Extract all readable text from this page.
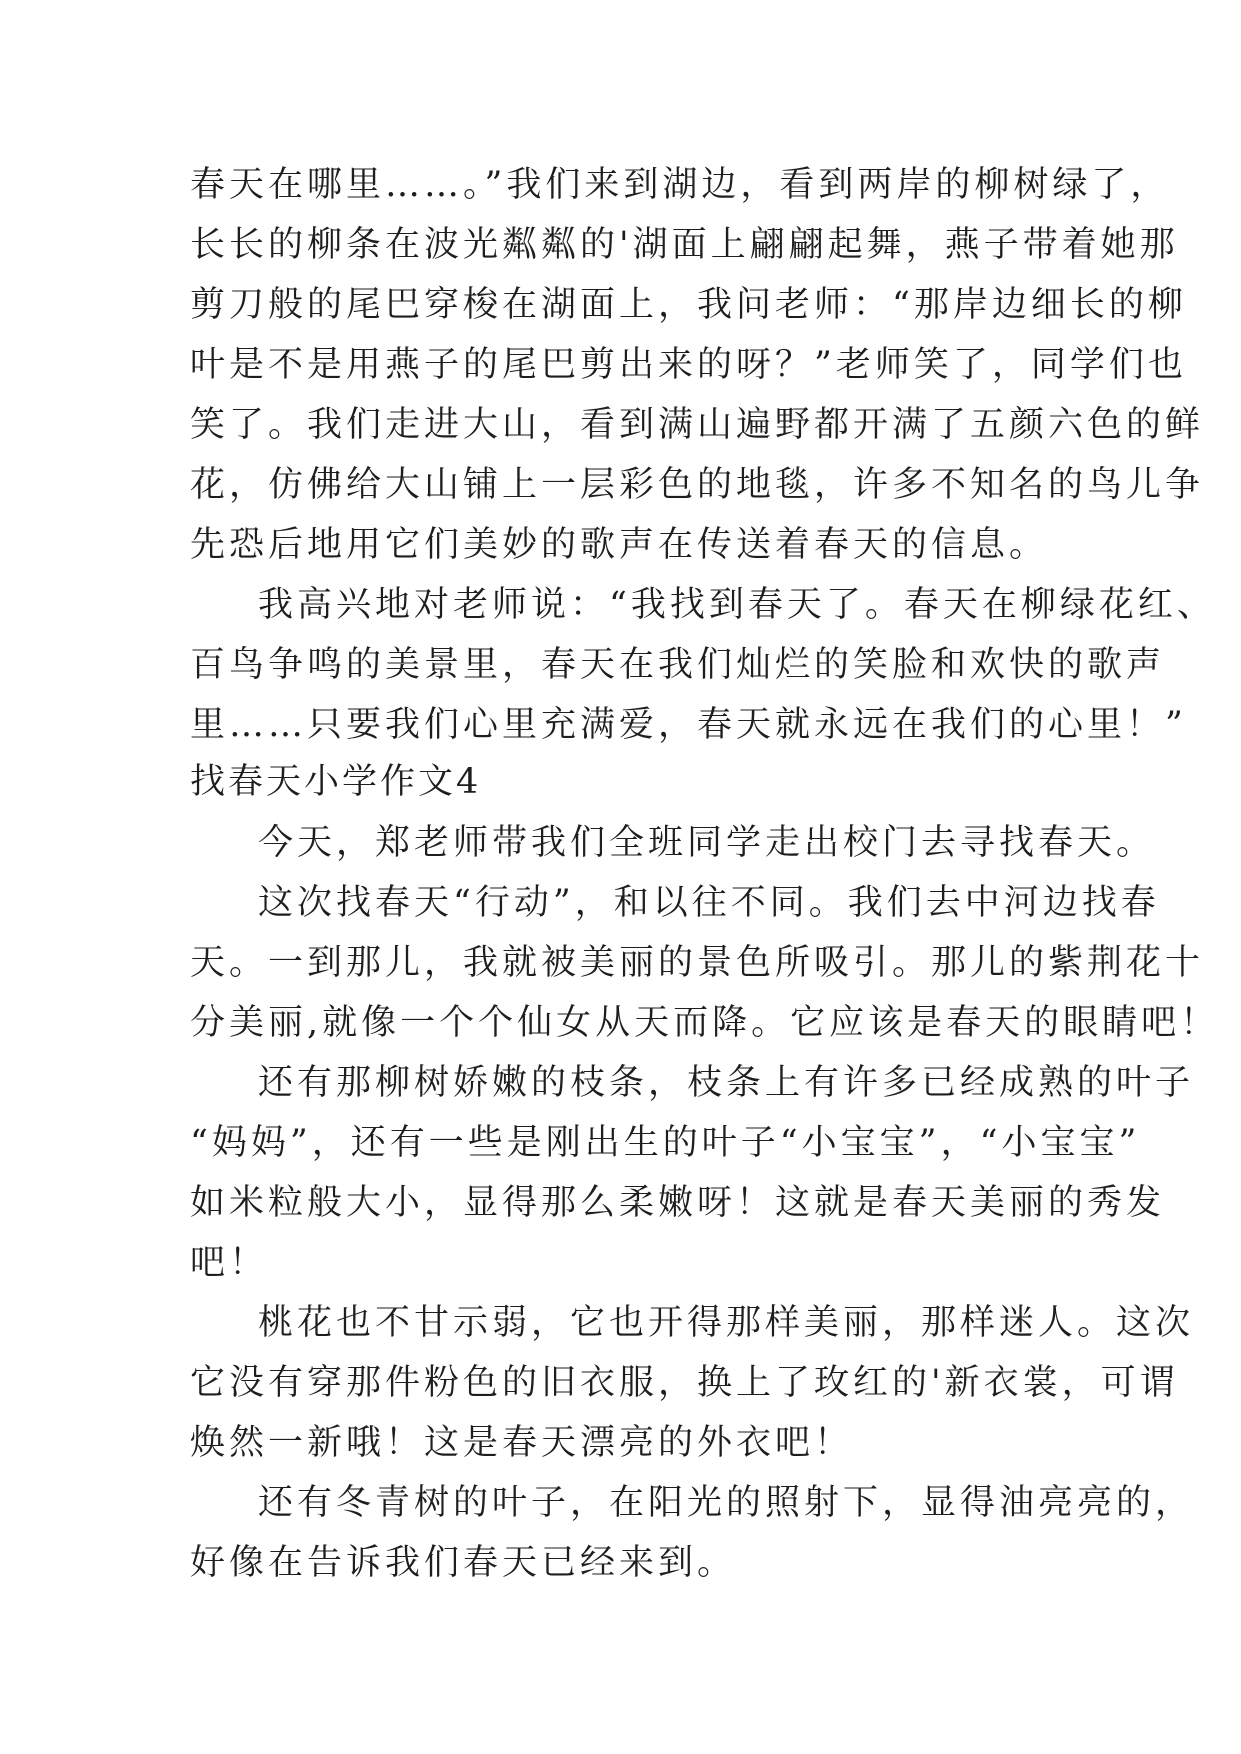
春天在哪里……。”我们来到湖边，看到两岸的柳树绿了，
长长的柳条在波光粼粼的'湖面上翩翩起舞，燕子带着她那
剪刀般的尾巴穿梭在湖面上，我问老师：“那岸边细长的柳
叶是不是用燕子的尾巴剪出来的呀？”老师笑了，同学们也
笑了。我们走进大山，看到满山遍野都开满了五颜六色的鲜
花，仿佛给大山铺上一层彩色的地毯，许多不知名的鸟儿争
先恐后地用它们美妙的歌声在传送着春天的信息。
我高兴地对老师说：“我找到春天了。春天在柳绿花红、
百鸟争鸣的美景里，春天在我们灿烂的笑脸和欢快的歌声
里……只要我们心里充满爱，春天就永远在我们的心里！”
找春天小学作文4
今天，郑老师带我们全班同学走出校门去寻找春天。
这次找春天“行动”，和以往不同。我们去中河边找春
天。一到那儿，我就被美丽的景色所吸引。那儿的紫荆花十
分美丽,就像一个个仙女从天而降。它应该是春天的眼睛吧！
还有那柳树娇嫩的枝条，枝条上有许多已经成熟的叶子
“妈妈”，还有一些是刚出生的叶子“小宝宝”，“小宝宝”
如米粒般大小，显得那么柔嫩呀！这就是春天美丽的秀发
吧！
桃花也不甘示弱，它也开得那样美丽，那样迷人。这次
它没有穿那件粉色的旧衣服，换上了玫红的'新衣裳，可谓
焕然一新哦！这是春天漂亮的外衣吧！
还有冬青树的叶子，在阳光的照射下，显得油亮亮的，
好像在告诉我们春天已经来到。
